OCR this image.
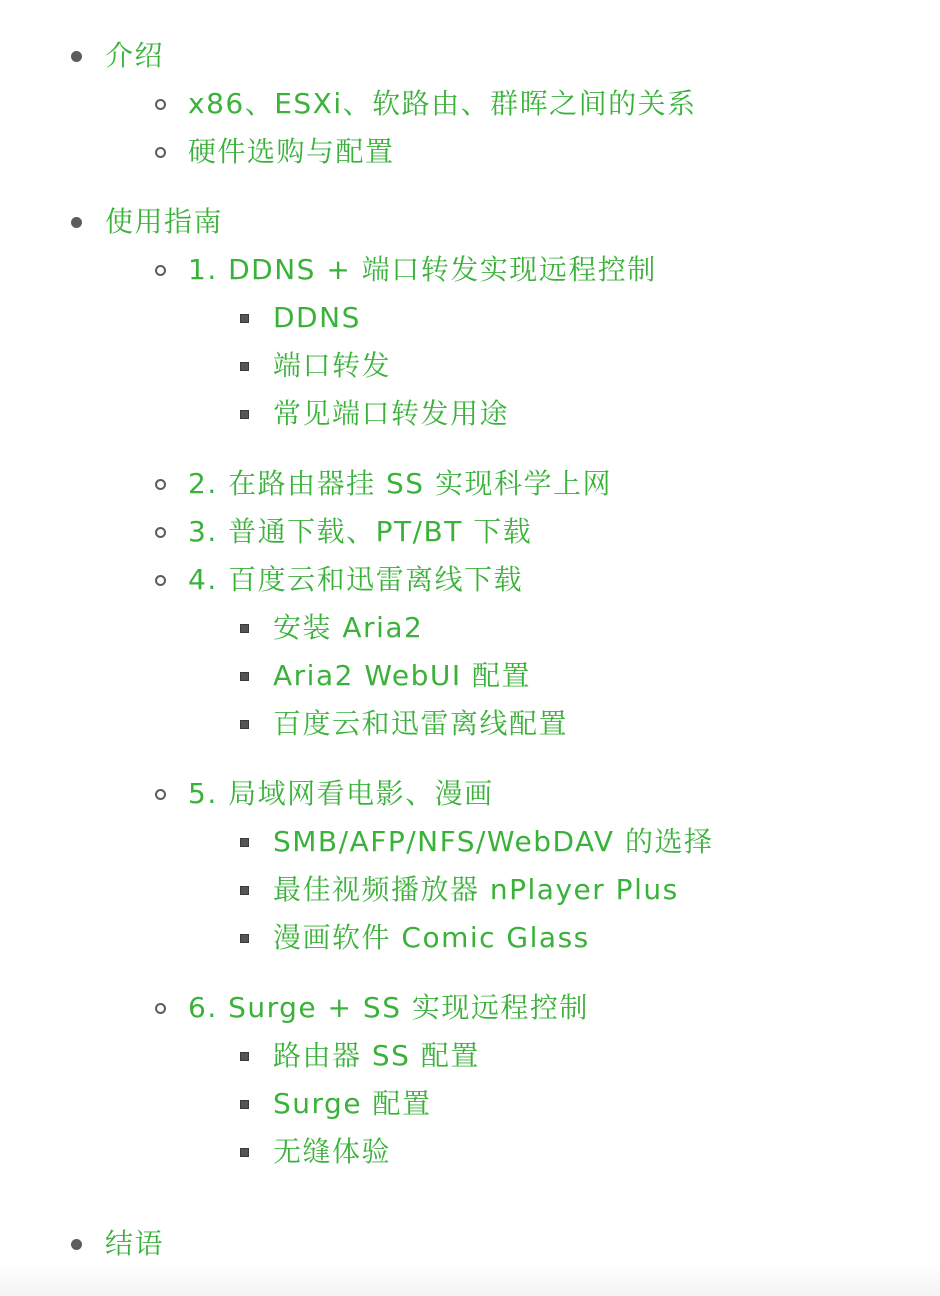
介绍
x86、ESXi、软路由、群晖之间的关系
硬件选购与配置
使用指南
1. DDNS + 端口转发实现远程控制
DDNS
端口转发
常见端口转发用途
2. 在路由器挂 SS 实现科学上网
3. 普通下载、PT/BT 下载
4. 百度云和迅雷离线下载
安装 Aria2
Aria2 WebUI 配置
百度云和迅雷离线配置
5. 局域网看电影、漫画
SMB/AFP/NFS/WebDAV 的选择
最佳视频播放器 nPlayer Plus
漫画软件 Comic Glass
6. Surge + SS 实现远程控制
路由器 SS 配置
Surge 配置
无缝体验
结语
